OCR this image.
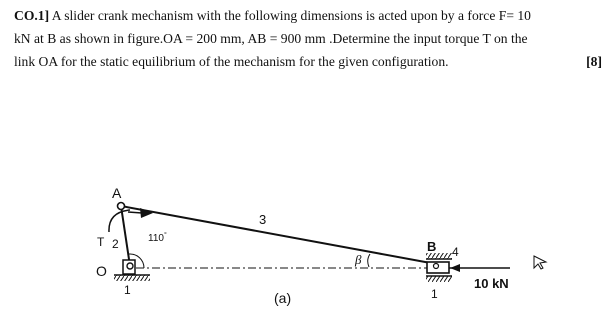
CO.1] A slider crank mechanism with the following dimensions is acted upon by a force F= 10
kN at B as shown in figure.OA = 200 mm, AB = 900 mm .Determine the input torque T on the
link OA for the static equilibrium of the mechanism for the given configuration.	[8]
A
T 2
O
1
110°
3
β
B 4
1
10 kN
(a)
